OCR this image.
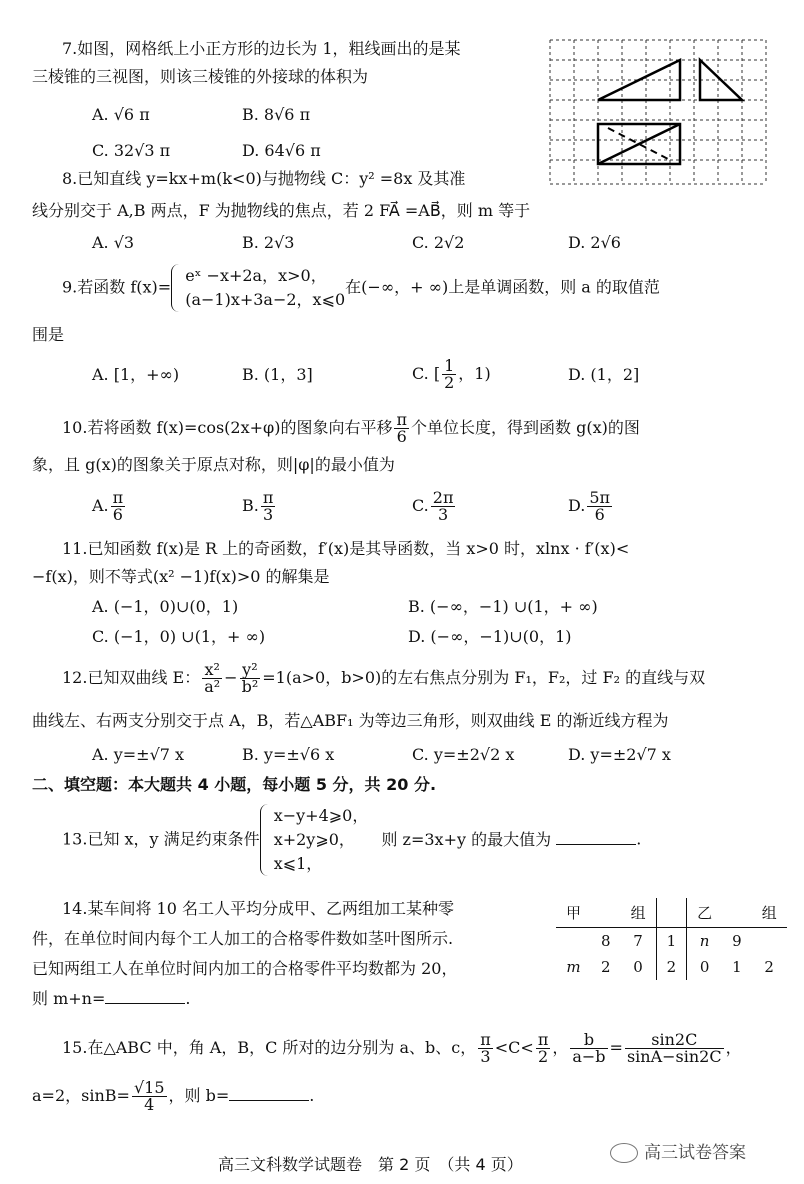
7.如图，网格纸上小正方形的边长为 1，粗线画出的是某
三棱锥的三视图，则该三棱锥的外接球的体积为
A. √6 π	B. 8√6 π
C. 32√3 π	D. 64√6 π
8.已知直线 y=kx+m(k<0)与抛物线 C：y² =8x 及其准
线分别交于 A,B 两点，F 为抛物线的焦点，若 2 FA⃗ =AB⃗，则 m 等于
A. √3	B. 2√3	C. 2√2	D. 2√6
9.若函数 f(x)=
eˣ −x+2a，x>0，
(a−1)x+3a−2，x⩽0
在(−∞，+ ∞)上是单调函数，则 a 的取值范
围是
A. [1，+∞)	B. (1，3]	C. [ $\frac{1}{2}$ ，1)	D. (1，2]
10.若将函数 f(x)=cos(2x+φ)的图象向右平移 $\frac{\pi}{6}$ 个单位长度，得到函数 g(x)的图
象，且 g(x)的图象关于原点对称，则|φ|的最小值为
A. $\frac{\pi}{6}$	B. $\frac{\pi}{3}$	C. $\frac{2\pi}{3}$	D. $\frac{5\pi}{6}$
11.已知函数 f(x)是 R 上的奇函数，f′(x)是其导函数，当 x>0 时，xlnx · f′(x)<
−f(x)，则不等式(x² −1)f(x)>0 的解集是
A. (−1，0)∪(0，1)	B. (−∞，−1) ∪(1，+ ∞)
C. (−1，0) ∪(1，+ ∞)	D. (−∞，−1)∪(0，1)
12.已知双曲线 E： $\frac{\text{x²}}{\text{a²}} - \frac{\text{y²}}{\text{b²}} =1(a>0$，b>0)的左右焦点分别为 F₁，F₂，过 F₂ 的直线与双
曲线左、右两支分别交于点 A，B，若△ABF₁ 为等边三角形，则双曲线 E 的渐近线方程为
A. y=±√7 x	B. y=±√6 x	C. y=±2√2 x	D. y=±2√7 x
二、填空题：本大题共 4 小题，每小题 5 分，共 20 分.
13.已知 x，y 满足约束条件
x−y+4⩾0，
x+2y⩾0，
x⩽1，
则 z=3x+y 的最大值为	.
14.某车间将 10 名工人平均分成甲、乙两组加工某种零
件，在单位时间内每个工人加工的合格零件数如茎叶图所示.
已知两组工人在单位时间内加工的合格零件平均数都为 20，
则 m+n=	.
甲		组		乙		组
	8	7	1	n	9	
m	2	0	2	0	1	2
15.在△ABC 中，角 A，B，C 所对的边分别为 a、b、c， $\frac{\pi}{3} <C< \frac{\pi}{2}$ ， $\frac{b}{a-b} = \frac{\sin 2C}{\sin A-\sin 2C}$ ，
a=2，$\sin B= \frac{√15}{4}$ ，则 b=	.
高三文科数学试题卷　第 2 页　（共 4 页）
高三试卷答案
